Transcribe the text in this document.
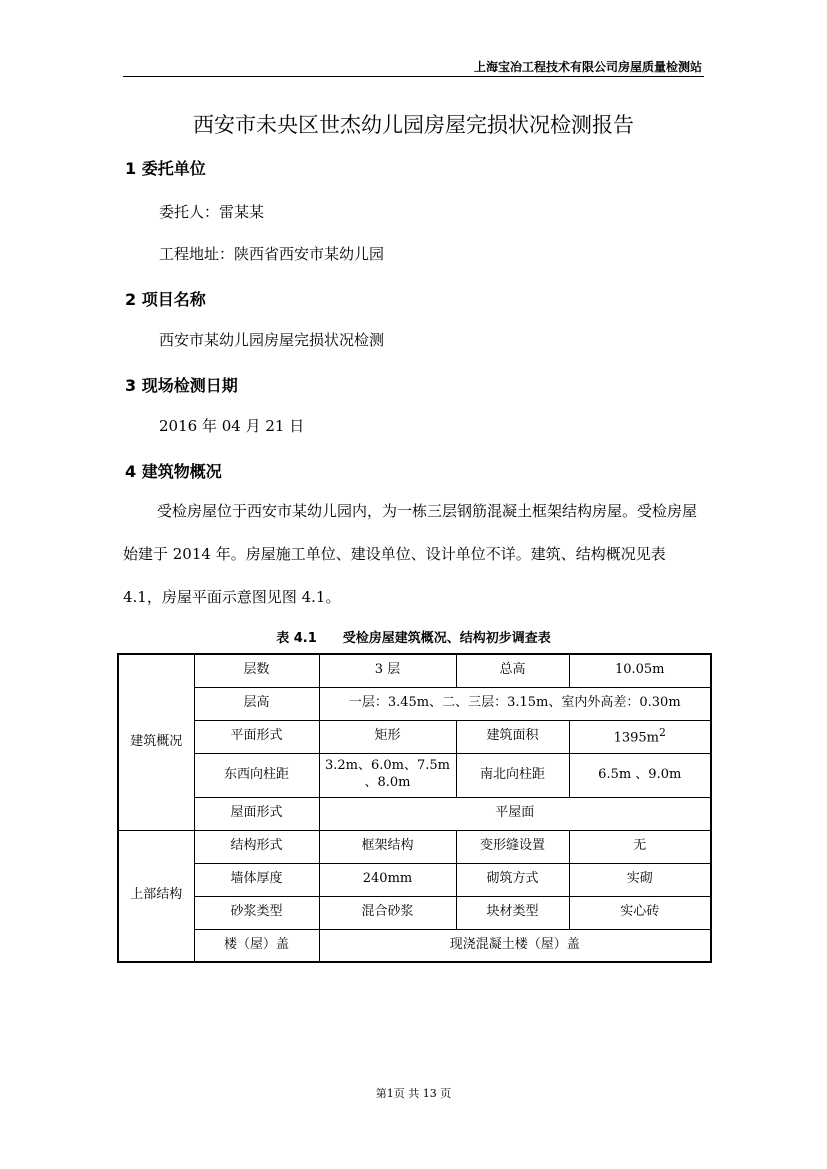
上海宝冶工程技术有限公司房屋质量检测站
西安市未央区世杰幼儿园房屋完损状况检测报告
1 委托单位
委托人：雷某某
工程地址：陕西省西安市某幼儿园
2 项目名称
西安市某幼儿园房屋完损状况检测
3 现场检测日期
2016 年 04 月 21 日
4 建筑物概况
受检房屋位于西安市某幼儿园内，为一栋三层钢筋混凝土框架结构房屋。受检房屋始建于 2014 年。房屋施工单位、建设单位、设计单位不详。建筑、结构概况见表 4.1，房屋平面示意图见图 4.1。
表 4.1 受检房屋建筑概况、结构初步调查表
建筑概况	层数	3 层	总高	10.05m
	层高	一层：3.45m、二、三层：3.15m、室内外高差：0.30m		
	平面形式	矩形	建筑面积	$1395m^2$
	东西向柱距	3.2m、6.0m、7.5m 、8.0m	南北向柱距	6.5m 、9.0m
	屋面形式	平屋面		
上部结构	结构形式	框架结构	变形缝设置	无
	墙体厚度	240mm	砌筑方式	实砌
	砂浆类型	混合砂浆	块材类型	实心砖
	楼（屋）盖	现浇混凝土楼（屋）盖		
第1页 共 13 页
